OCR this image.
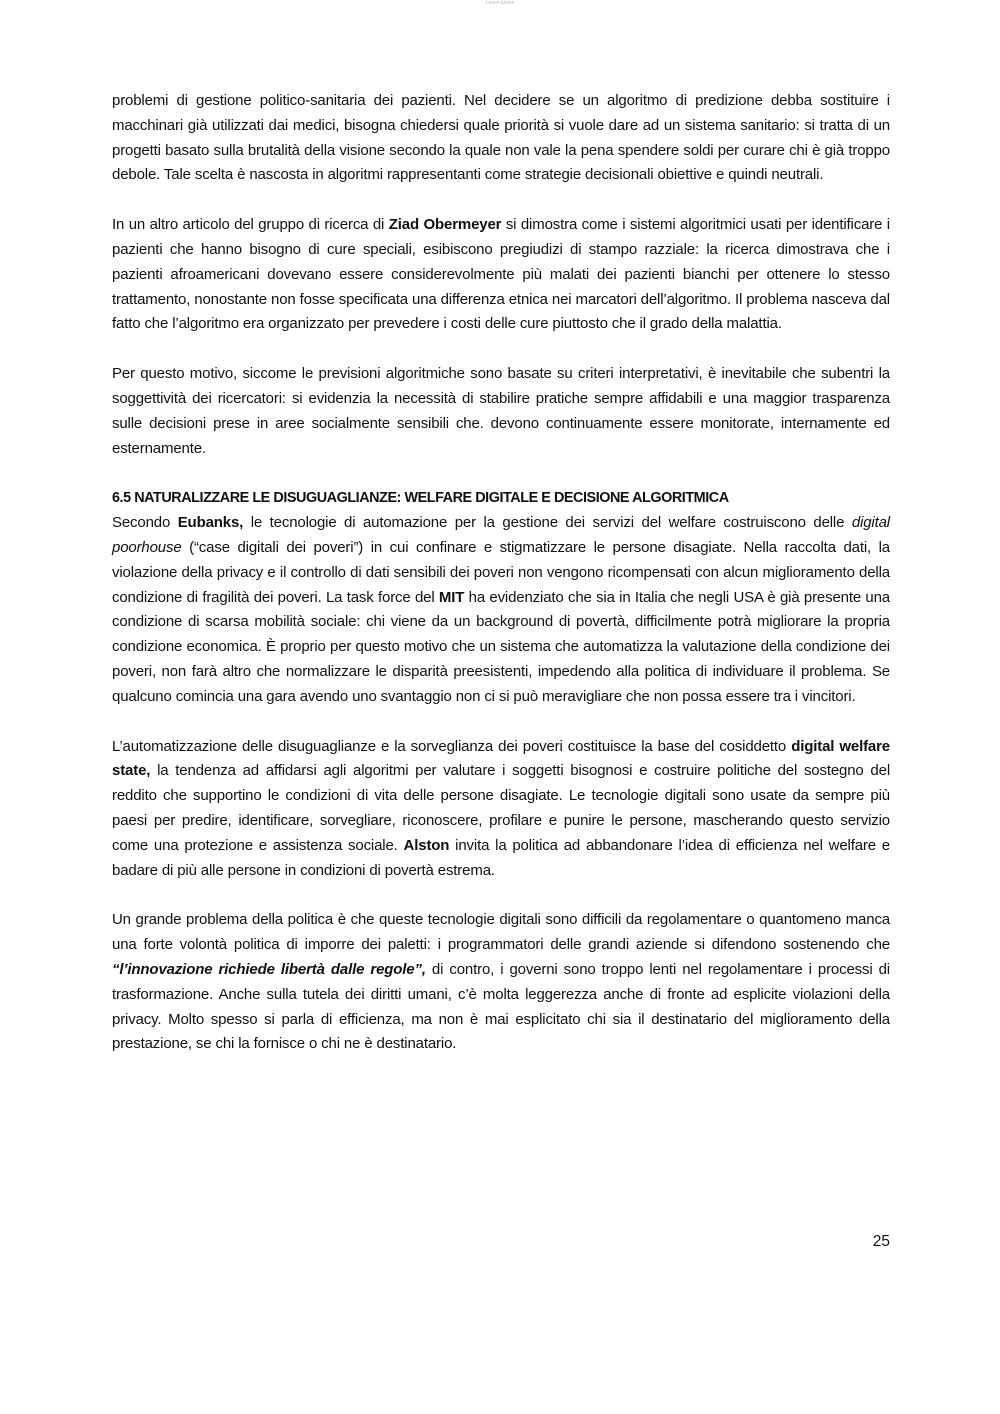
Lorem ipsum

problemi di gestione politico-sanitaria dei pazienti. Nel decidere se un algoritmo di predizione debba sostituire i macchinari già utilizzati dai medici, bisogna chiedersi quale priorità si vuole dare ad un sistema sanitario: si tratta di un progetti basato sulla brutalità della visione secondo la quale non vale la pena spendere soldi per curare chi è già troppo debole. Tale scelta è nascosta in algoritmi rappresentanti come strategie decisionali obiettive e quindi neutrali.

In un altro articolo del gruppo di ricerca di Ziad Obermeyer si dimostra come i sistemi algoritmici usati per identificare i pazienti che hanno bisogno di cure speciali, esibiscono pregiudizi di stampo razziale: la ricerca dimostrava che i pazienti afroamericani dovevano essere considerevolmente più malati dei pazienti bianchi per ottenere lo stesso trattamento, nonostante non fosse specificata una differenza etnica nei marcatori dell’algoritmo. Il problema nasceva dal fatto che l’algoritmo era organizzato per prevedere i costi delle cure piuttosto che il grado della malattia.

Per questo motivo, siccome le previsioni algoritmiche sono basate su criteri interpretativi, è inevitabile che subentri la soggettività dei ricercatori: si evidenzia la necessità di stabilire pratiche sempre affidabili e una maggior trasparenza sulle decisioni prese in aree socialmente sensibili che. devono continuamente essere monitorate, internamente ed esternamente.

6.5 NATURALIZZARE LE DISUGUAGLIANZE: WELFARE DIGITALE E DECISIONE ALGORITMICA

Secondo Eubanks, le tecnologie di automazione per la gestione dei servizi del welfare costruiscono delle digital poorhouse (“case digitali dei poveri”) in cui confinare e stigmatizzare le persone disagiate. Nella raccolta dati, la violazione della privacy e il controllo di dati sensibili dei poveri non vengono ricompensati con alcun miglioramento della condizione di fragilità dei poveri. La task force del MIT ha evidenziato che sia in Italia che negli USA è già presente una condizione di scarsa mobilità sociale: chi viene da un background di povertà, difficilmente potrà migliorare la propria condizione economica. È proprio per questo motivo che un sistema che automatizza la valutazione della condizione dei poveri, non farà altro che normalizzare le disparità preesistenti, impedendo alla politica di individuare il problema. Se qualcuno comincia una gara avendo uno svantaggio non ci si può meravigliare che non possa essere tra i vincitori.

L’automatizzazione delle disuguaglianze e la sorveglianza dei poveri costituisce la base del cosiddetto digital welfare state, la tendenza ad affidarsi agli algoritmi per valutare i soggetti bisognosi e costruire politiche del sostegno del reddito che supportino le condizioni di vita delle persone disagiate. Le tecnologie digitali sono usate da sempre più paesi per predire, identificare, sorvegliare, riconoscere, profilare e punire le persone, mascherando questo servizio come una protezione e assistenza sociale. Alston invita la politica ad abbandonare l’idea di efficienza nel welfare e badare di più alle persone in condizioni di povertà estrema.

Un grande problema della politica è che queste tecnologie digitali sono difficili da regolamentare o quantomeno manca una forte volontà politica di imporre dei paletti: i programmatori delle grandi aziende si difendono sostenendo che “l’innovazione richiede libertà dalle regole”, di contro, i governi sono troppo lenti nel regolamentare i processi di trasformazione. Anche sulla tutela dei diritti umani, c’è molta leggerezza anche di fronte ad esplicite violazioni della privacy. Molto spesso si parla di efficienza, ma non è mai esplicitato chi sia il destinatario del miglioramento della prestazione, se chi la fornisce o chi ne è destinatario.

25
